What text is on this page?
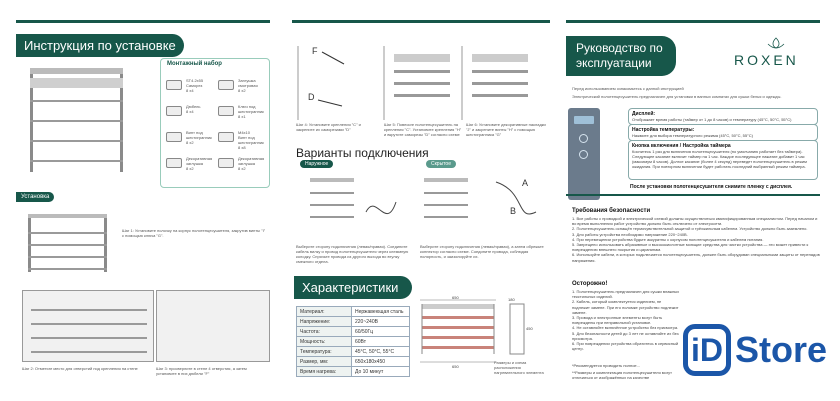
Инструкция по установке
Монтажный набор
ST4.2x55
Саморез
8 х4
Заглушка
смотровая
8 х2
Дюбель
8 х4
Ключ под
шестигранник
8 х1
Винт под
шестигранник
8 х2
M4x10
Винт под
шестигранник
8 х8
Декоративная
заглушка
8 х2
Декоративная
заглушка
8 х2
Установка
Шаг 1: Установите полочку на корпус полотенцесушителя, закрутив винты "I" с помощью ключа "G".
Шаг 2: Отметьте место для отверстий под крепления на стене	Шаг 3: просверлите в стене 4 отверстия, а затем установите в них дюбели "F"
F
D
Шаг 4: Установите крепления "C" и закрепите их саморезами "D"
Шаг 5: Повесьте полотенцесушитель на крепления "C". Установите крепления "H" и вкрутите саморезы "D" согласно схеме
Шаг 6: Установите декоративные накладки "J" и закрепите винты "H" с помощью шестигранника "G"
Варианты подключения
Наружное	Скрытое
A
B
Выберите сторону подключения (левая/правая). Соедините кабель вилку и провод полотенцесушителя через клеммную колодку. Спрячьте провода из другого выхода во втулку смежного отдела.
Выберите сторону подключения (левая/правая), а затем обрежьте коннектор согласно схеме. Соедините провода, соблюдая полярность, и заизолируйте их.
Характеристики
Материал:	Нержавеющая сталь
Напряжение:	220~240В
Частота:	60/50Гц
Мощность:	60Вт
Температура:	45°C, 50°C, 55°C
Размер, мм:	650х180х450
Время нагрева:	До 10 минут
650
650
180
450
Размеры и схема расположения нагревательного элемента
Руководство по
эксплуатации	ROXEN
Перед использованием ознакомьтесь с данной инструкцией
Электрический полотенцесушитель предназначен для установки в ванных комнатах для сушки белья и одежды.
Дисплей:

Отображает время работы (таймер от 1 до 8 часов) и температуру (45°C, 50°C, 55°C)

Настройка температуры:

Нажмите для выбора температурного режима (45°C, 50°C, 55°C)

Кнопка включения / Настройка таймера

Коснитесь 1 раз для включения полотенцесушителя (по умолчанию работает без таймера). Следующее касание включит таймер на 1 час. Каждое последующее нажатие добавит 1 час (максимум 8 часов). Долгое касание (более 4 секунд) переведет полотенцесушитель в режим ожидания. При повторном включении будет работать последний выбранный режим таймера.

После установки полотенцесушителя снимите пленку с дисплея.
Требования безопасности
1. Все работы с проводкой и электрической схемой должны осуществляться квалифицированным специалистом. Перед началом и во время выполнения работ устройство должно быть отключено от электросети.
2. Полотенцесушитель оснащён термочувствительной защитой и трёхжильным кабелем. Устройство должно быть заземлено.
3. Для работы устройства необходимо напряжение 220~240В.
4. При перемещении устройства будьте аккуратны с корпусом полотенцесушителя и кабелем питания.
5. Запрещено использовать абразивные и высококислотные моющие средства для чистки устройства — это может привести к повреждению внешнего покрытия и царапинам.
6. Используйте кабели, в которых подключается полотенцесушитель, должен быть оборудован специальными защиты от перепадов напряжения.
Осторожно!
1. Полотенцесушитель предназначен для сушки влажных текстильных изделий.
2. Кабель, который комплектуется изделием, не подлежит замене. При его поломке устройство подлежит замене.
3. Провода и электронные элементы могут быть повреждены при неправильной установке.
4. Не оставляйте включённое устройство без присмотра.
5. Для безопасности детей до 3 лет не оставляйте их без присмотра.
6. При повреждении устройства обратитесь в сервисный центр.
*Рекомендуется проводить полное...
**Размеры и комплектация полотенцесушителя могут отличаться от изображённых на качестве
iD Store
